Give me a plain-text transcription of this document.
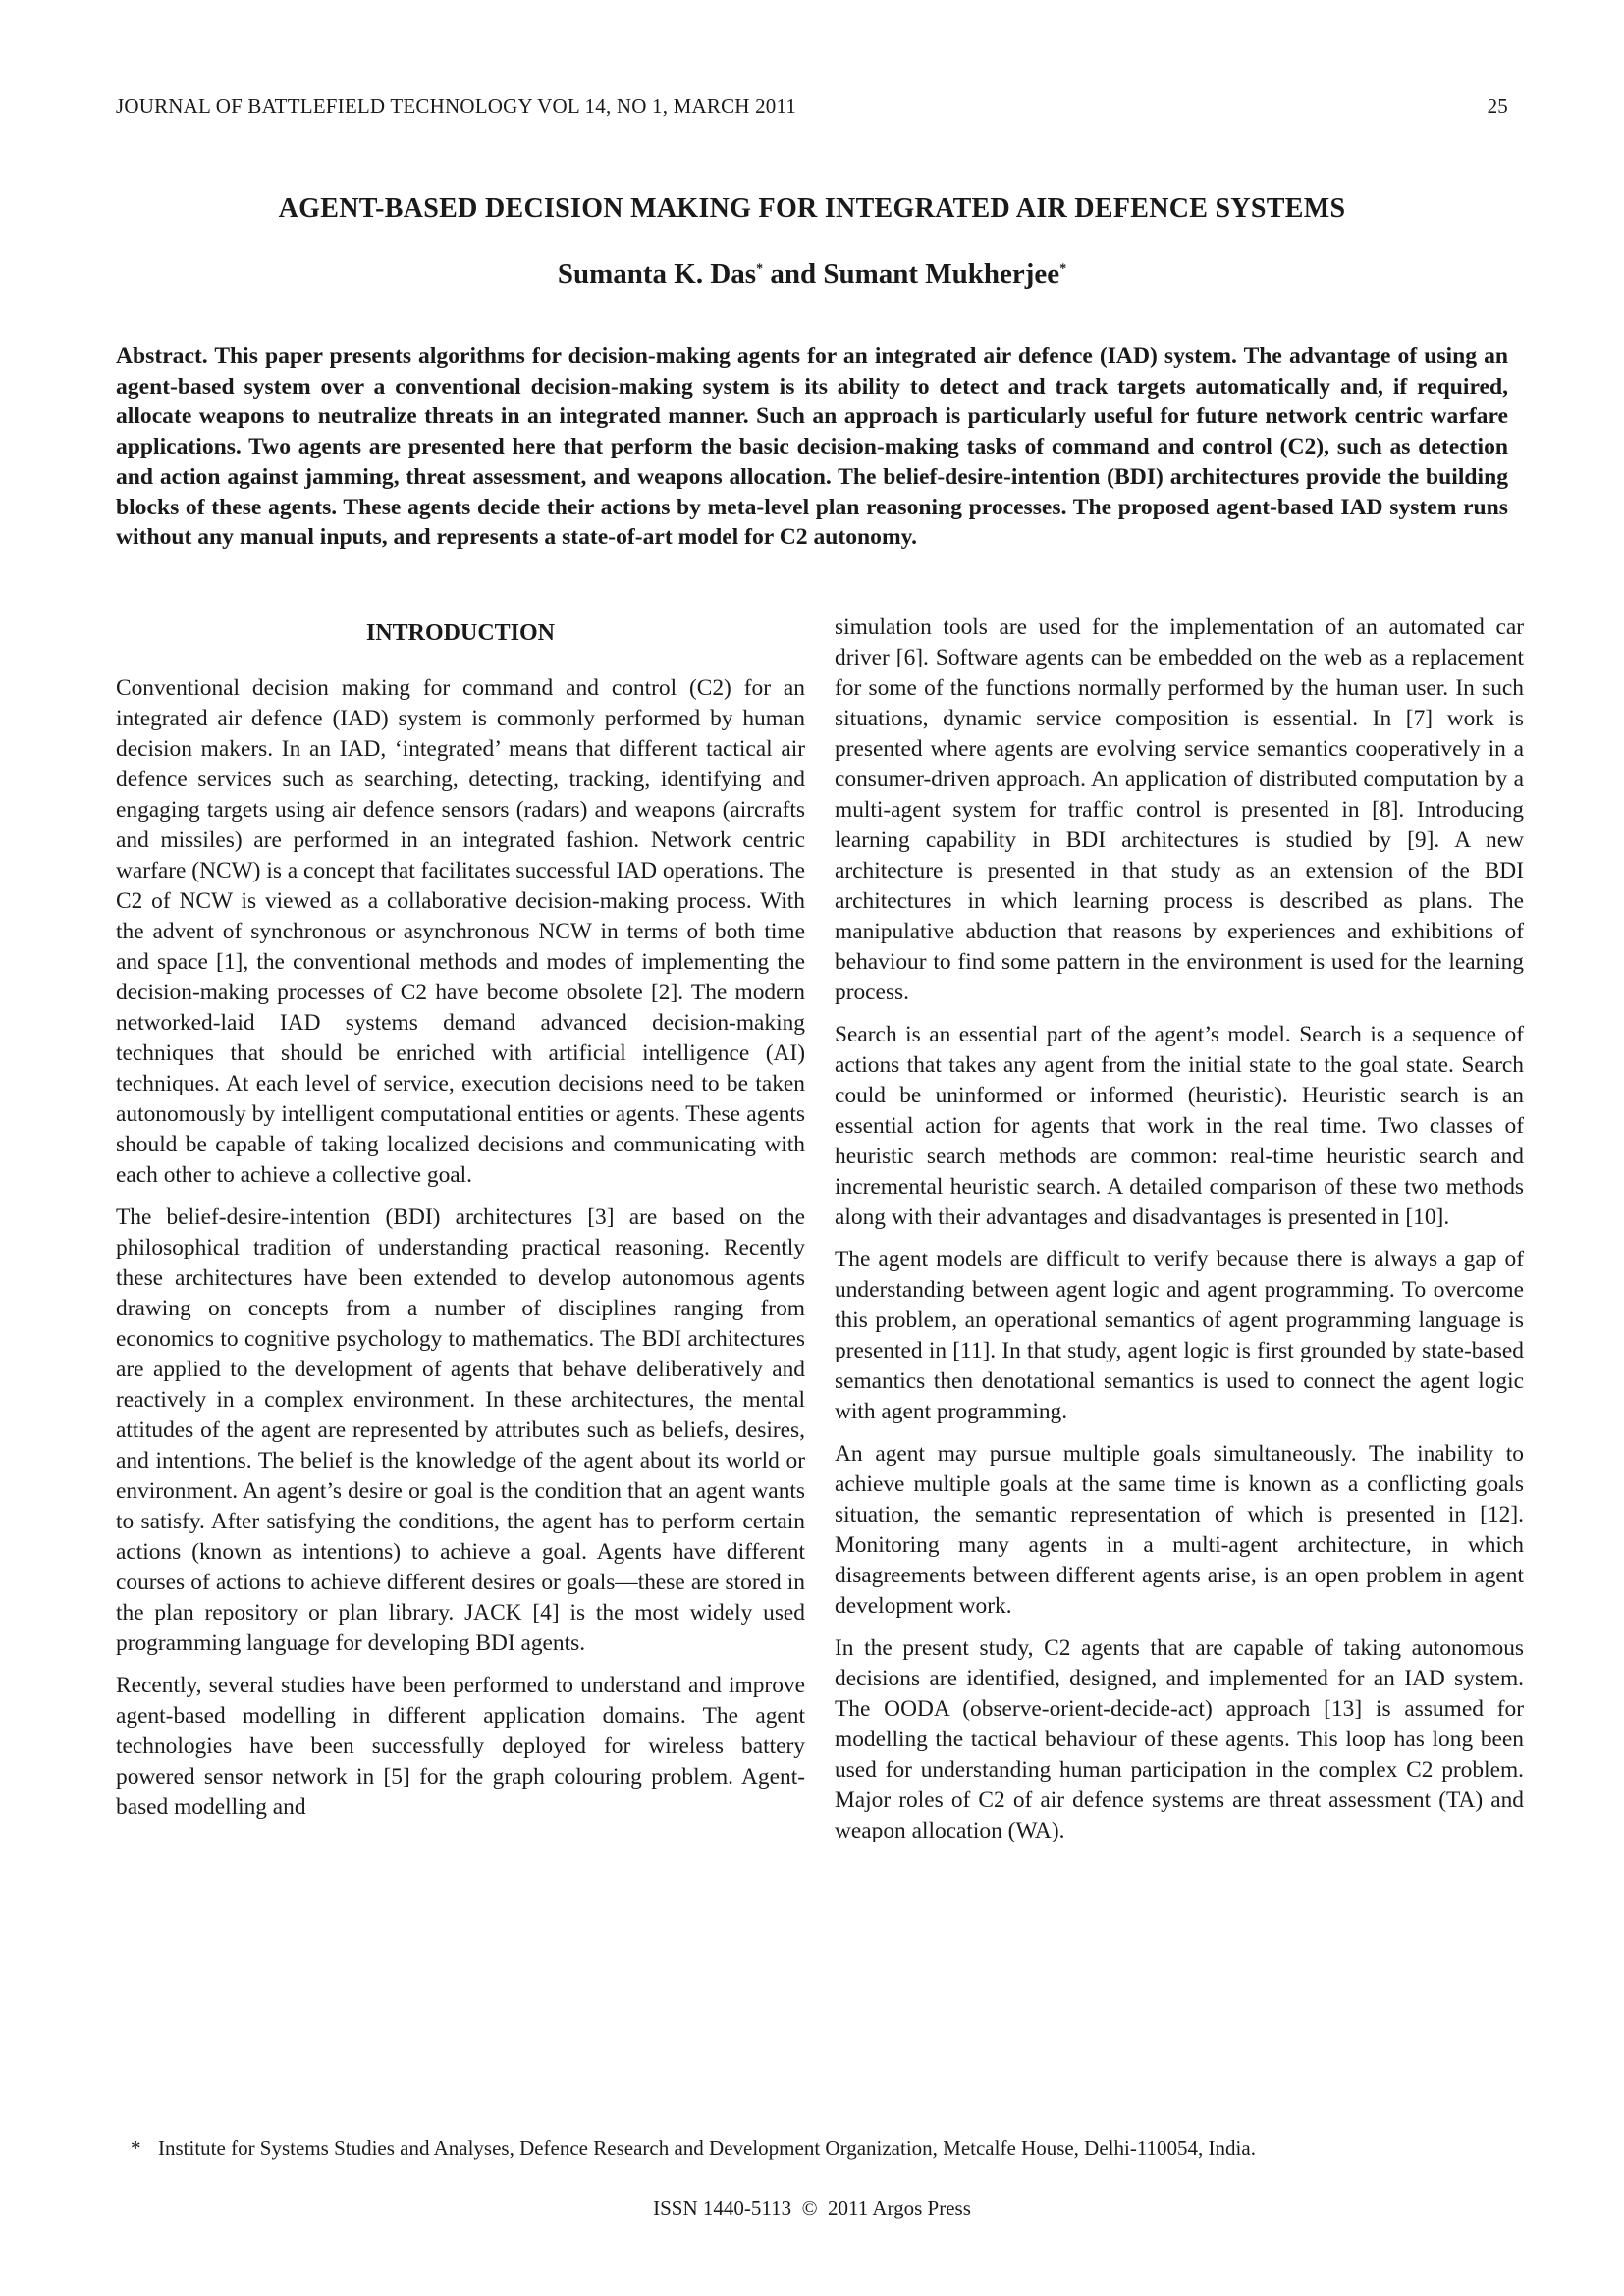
JOURNAL OF BATTLEFIELD TECHNOLOGY VOL 14, NO 1, MARCH 2011	25
AGENT-BASED DECISION MAKING FOR INTEGRATED AIR DEFENCE SYSTEMS
Sumanta K. Das* and Sumant Mukherjee*
Abstract. This paper presents algorithms for decision-making agents for an integrated air defence (IAD) system. The advantage of using an agent-based system over a conventional decision-making system is its ability to detect and track targets automatically and, if required, allocate weapons to neutralize threats in an integrated manner. Such an approach is particularly useful for future network centric warfare applications. Two agents are presented here that perform the basic decision-making tasks of command and control (C2), such as detection and action against jamming, threat assessment, and weapons allocation. The belief-desire-intention (BDI) architectures provide the building blocks of these agents. These agents decide their actions by meta-level plan reasoning processes. The proposed agent-based IAD system runs without any manual inputs, and represents a state-of-art model for C2 autonomy.
INTRODUCTION

Conventional decision making for command and control (C2) for an integrated air defence (IAD) system is commonly performed by human decision makers. In an IAD, ‘integrated’ means that different tactical air defence services such as searching, detecting, tracking, identifying and engaging targets using air defence sensors (radars) and weapons (aircrafts and missiles) are performed in an integrated fashion. Network centric warfare (NCW) is a concept that facilitates successful IAD operations. The C2 of NCW is viewed as a collaborative decision-making process. With the advent of synchronous or asynchronous NCW in terms of both time and space [1], the conventional methods and modes of implementing the decision-making processes of C2 have become obsolete [2]. The modern networked-laid IAD systems demand advanced decision-making techniques that should be enriched with artificial intelligence (AI) techniques. At each level of service, execution decisions need to be taken autonomously by intelligent computational entities or agents. These agents should be capable of taking localized decisions and communicating with each other to achieve a collective goal.

The belief-desire-intention (BDI) architectures [3] are based on the philosophical tradition of understanding practical reasoning. Recently these architectures have been extended to develop autonomous agents drawing on concepts from a number of disciplines ranging from economics to cognitive psychology to mathematics. The BDI architectures are applied to the development of agents that behave deliberatively and reactively in a complex environment. In these architectures, the mental attitudes of the agent are represented by attributes such as beliefs, desires, and intentions. The belief is the knowledge of the agent about its world or environment. An agent’s desire or goal is the condition that an agent wants to satisfy. After satisfying the conditions, the agent has to perform certain actions (known as intentions) to achieve a goal. Agents have different courses of actions to achieve different desires or goals—these are stored in the plan repository or plan library. JACK [4] is the most widely used programming language for developing BDI agents.

Recently, several studies have been performed to understand and improve agent-based modelling in different application domains. The agent technologies have been successfully deployed for wireless battery powered sensor network in [5] for the graph colouring problem. Agent-based modelling and

simulation tools are used for the implementation of an automated car driver [6]. Software agents can be embedded on the web as a replacement for some of the functions normally performed by the human user. In such situations, dynamic service composition is essential. In [7] work is presented where agents are evolving service semantics cooperatively in a consumer-driven approach. An application of distributed computation by a multi-agent system for traffic control is presented in [8]. Introducing learning capability in BDI architectures is studied by [9]. A new architecture is presented in that study as an extension of the BDI architectures in which learning process is described as plans. The manipulative abduction that reasons by experiences and exhibitions of behaviour to find some pattern in the environment is used for the learning process.

Search is an essential part of the agent’s model. Search is a sequence of actions that takes any agent from the initial state to the goal state. Search could be uninformed or informed (heuristic). Heuristic search is an essential action for agents that work in the real time. Two classes of heuristic search methods are common: real-time heuristic search and incremental heuristic search. A detailed comparison of these two methods along with their advantages and disadvantages is presented in [10].

The agent models are difficult to verify because there is always a gap of understanding between agent logic and agent programming. To overcome this problem, an operational semantics of agent programming language is presented in [11]. In that study, agent logic is first grounded by state-based semantics then denotational semantics is used to connect the agent logic with agent programming.

An agent may pursue multiple goals simultaneously. The inability to achieve multiple goals at the same time is known as a conflicting goals situation, the semantic representation of which is presented in [12]. Monitoring many agents in a multi-agent architecture, in which disagreements between different agents arise, is an open problem in agent development work.

In the present study, C2 agents that are capable of taking autonomous decisions are identified, designed, and implemented for an IAD system. The OODA (observe-orient-decide-act) approach [13] is assumed for modelling the tactical behaviour of these agents. This loop has long been used for understanding human participation in the complex C2 problem. Major roles of C2 of air defence systems are threat assessment (TA) and weapon allocation (WA).

* Institute for Systems Studies and Analyses, Defence Research and Development Organization, Metcalfe House, Delhi-110054, India.
ISSN 1440-5113  ©  2011 Argos Press
